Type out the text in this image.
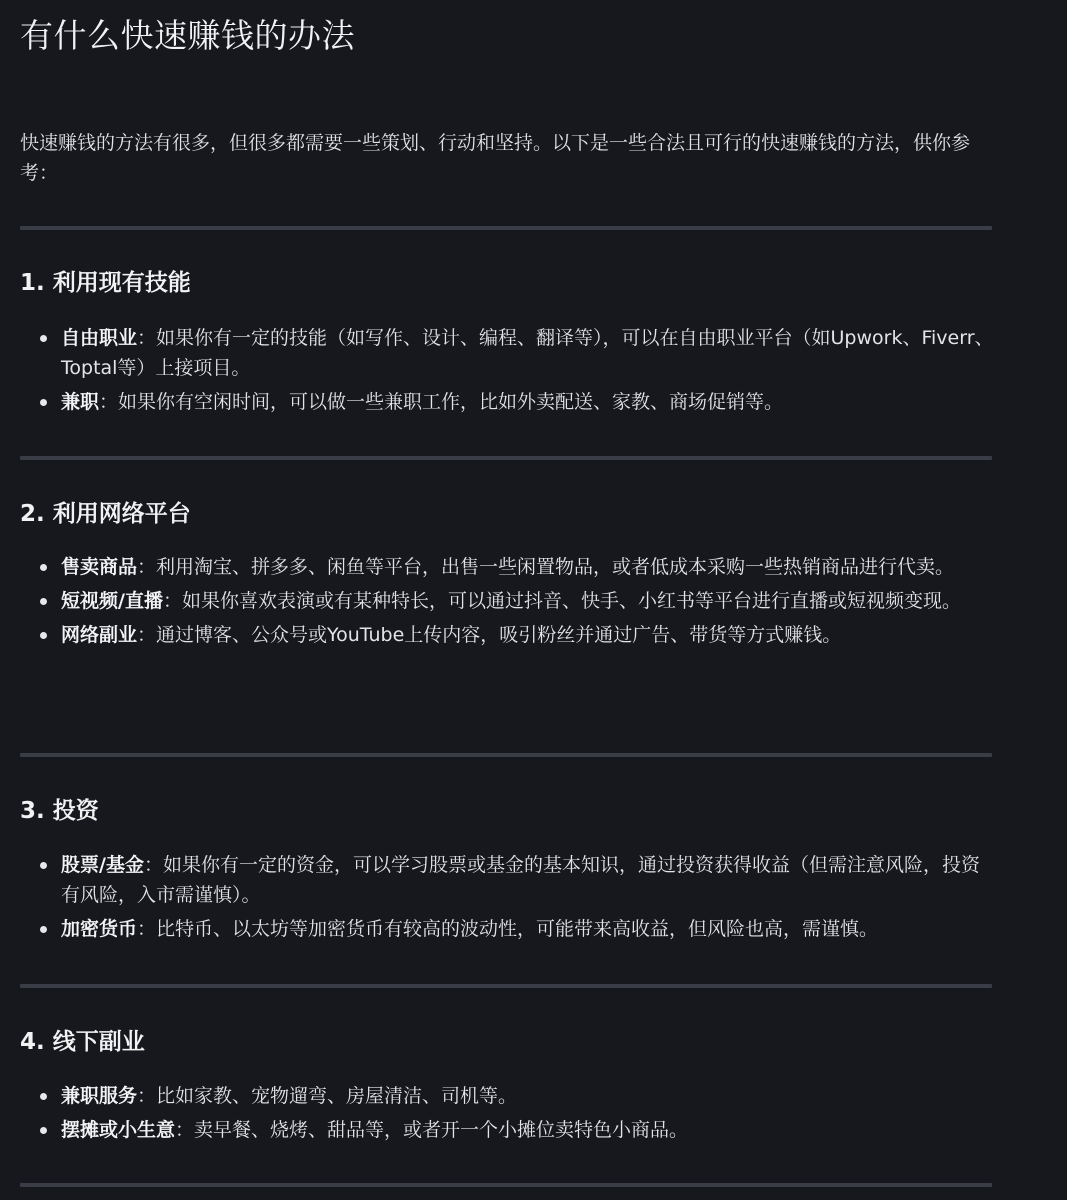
有什么快速赚钱的办法

快速赚钱的方法有很多，但很多都需要一些策划、行动和坚持。以下是一些合法且可行的快速赚钱的方法，供你参考：

1. 利用现有技能
自由职业：如果你有一定的技能（如写作、设计、编程、翻译等），可以在自由职业平台（如Upwork、Fiverr、Toptal等）上接项目。
兼职：如果你有空闲时间，可以做一些兼职工作，比如外卖配送、家教、商场促销等。
2. 利用网络平台
售卖商品：利用淘宝、拼多多、闲鱼等平台，出售一些闲置物品，或者低成本采购一些热销商品进行代卖。
短视频/直播：如果你喜欢表演或有某种特长，可以通过抖音、快手、小红书等平台进行直播或短视频变现。
网络副业：通过博客、公众号或YouTube上传内容，吸引粉丝并通过广告、带货等方式赚钱。
3. 投资
股票/基金：如果你有一定的资金，可以学习股票或基金的基本知识，通过投资获得收益（但需注意风险，投资有风险，入市需谨慎）。
加密货币：比特币、以太坊等加密货币有较高的波动性，可能带来高收益，但风险也高，需谨慎。
4. 线下副业
兼职服务：比如家教、宠物遛弯、房屋清洁、司机等。
摆摊或小生意：卖早餐、烧烤、甜品等，或者开一个小摊位卖特色小商品。
